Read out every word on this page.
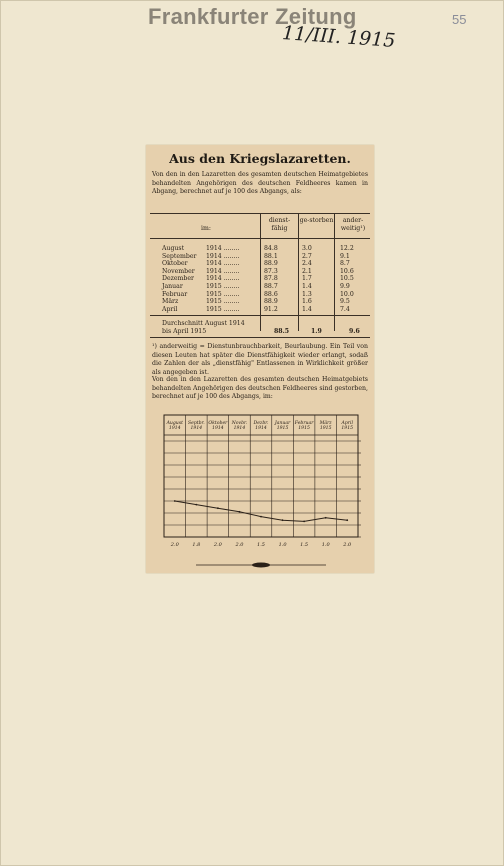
Frankfurter Zeitung
11/III. 1915
55
Aus den Kriegslazaretten.
Von den in den Lazaretten des gesamten deutschen Heimatgebietes behandelten Angehörigen des deutschen Feldheeres kamen in Abgang, berechnet auf je 100 des Abgangs, als:
im:
dienst-fähig
ge-storben	ander-weitig¹)
August	1914 ........	84.8	3.0	12.2
September 1914 ........	88.1	2.7	9.1
Oktober	1914 ........	88.9	2.4	8.7
November 1914 ........	87.3	2.1	10.6
Dezember 1914 ........	87.8	1.7	10.5
Januar	1915 ........	88.7	1.4	9.9
Februar	1915 ........	88.6	1.3	10.0
März	1915 ........	88.9	1.6	9.5
April	1915 ........	91.2	1.4	7.4
Durchschnitt August 1914
bis April 1915	88.5	1.9	9.6
¹) anderweitig = Dienstunbrauchbarkeit, Beurlaubung. Ein Teil von diesen Leuten hat später die Dienstfähigkeit wieder erlangt, sodaß die Zahlen der als „dienstfähig" Entlassenen in Wirklichkeit größer als angegeben ist.
Von den in den Lazaretten des gesamten deutschen Heimatgebiets behandelten Angehörigen des deutschen Feldheeres sind gestorben, berechnet auf je 100 des Abgangs, im:
August 1914
Septbr. 1914
Oktober 1914
Novbr. 1914
Dezbr. 1914
Januar 1915
Februar 1915
März 1915
April 1915
2.0	1.8	2.0	2.0	1.5	1.0	1.5	1.0	2.0
